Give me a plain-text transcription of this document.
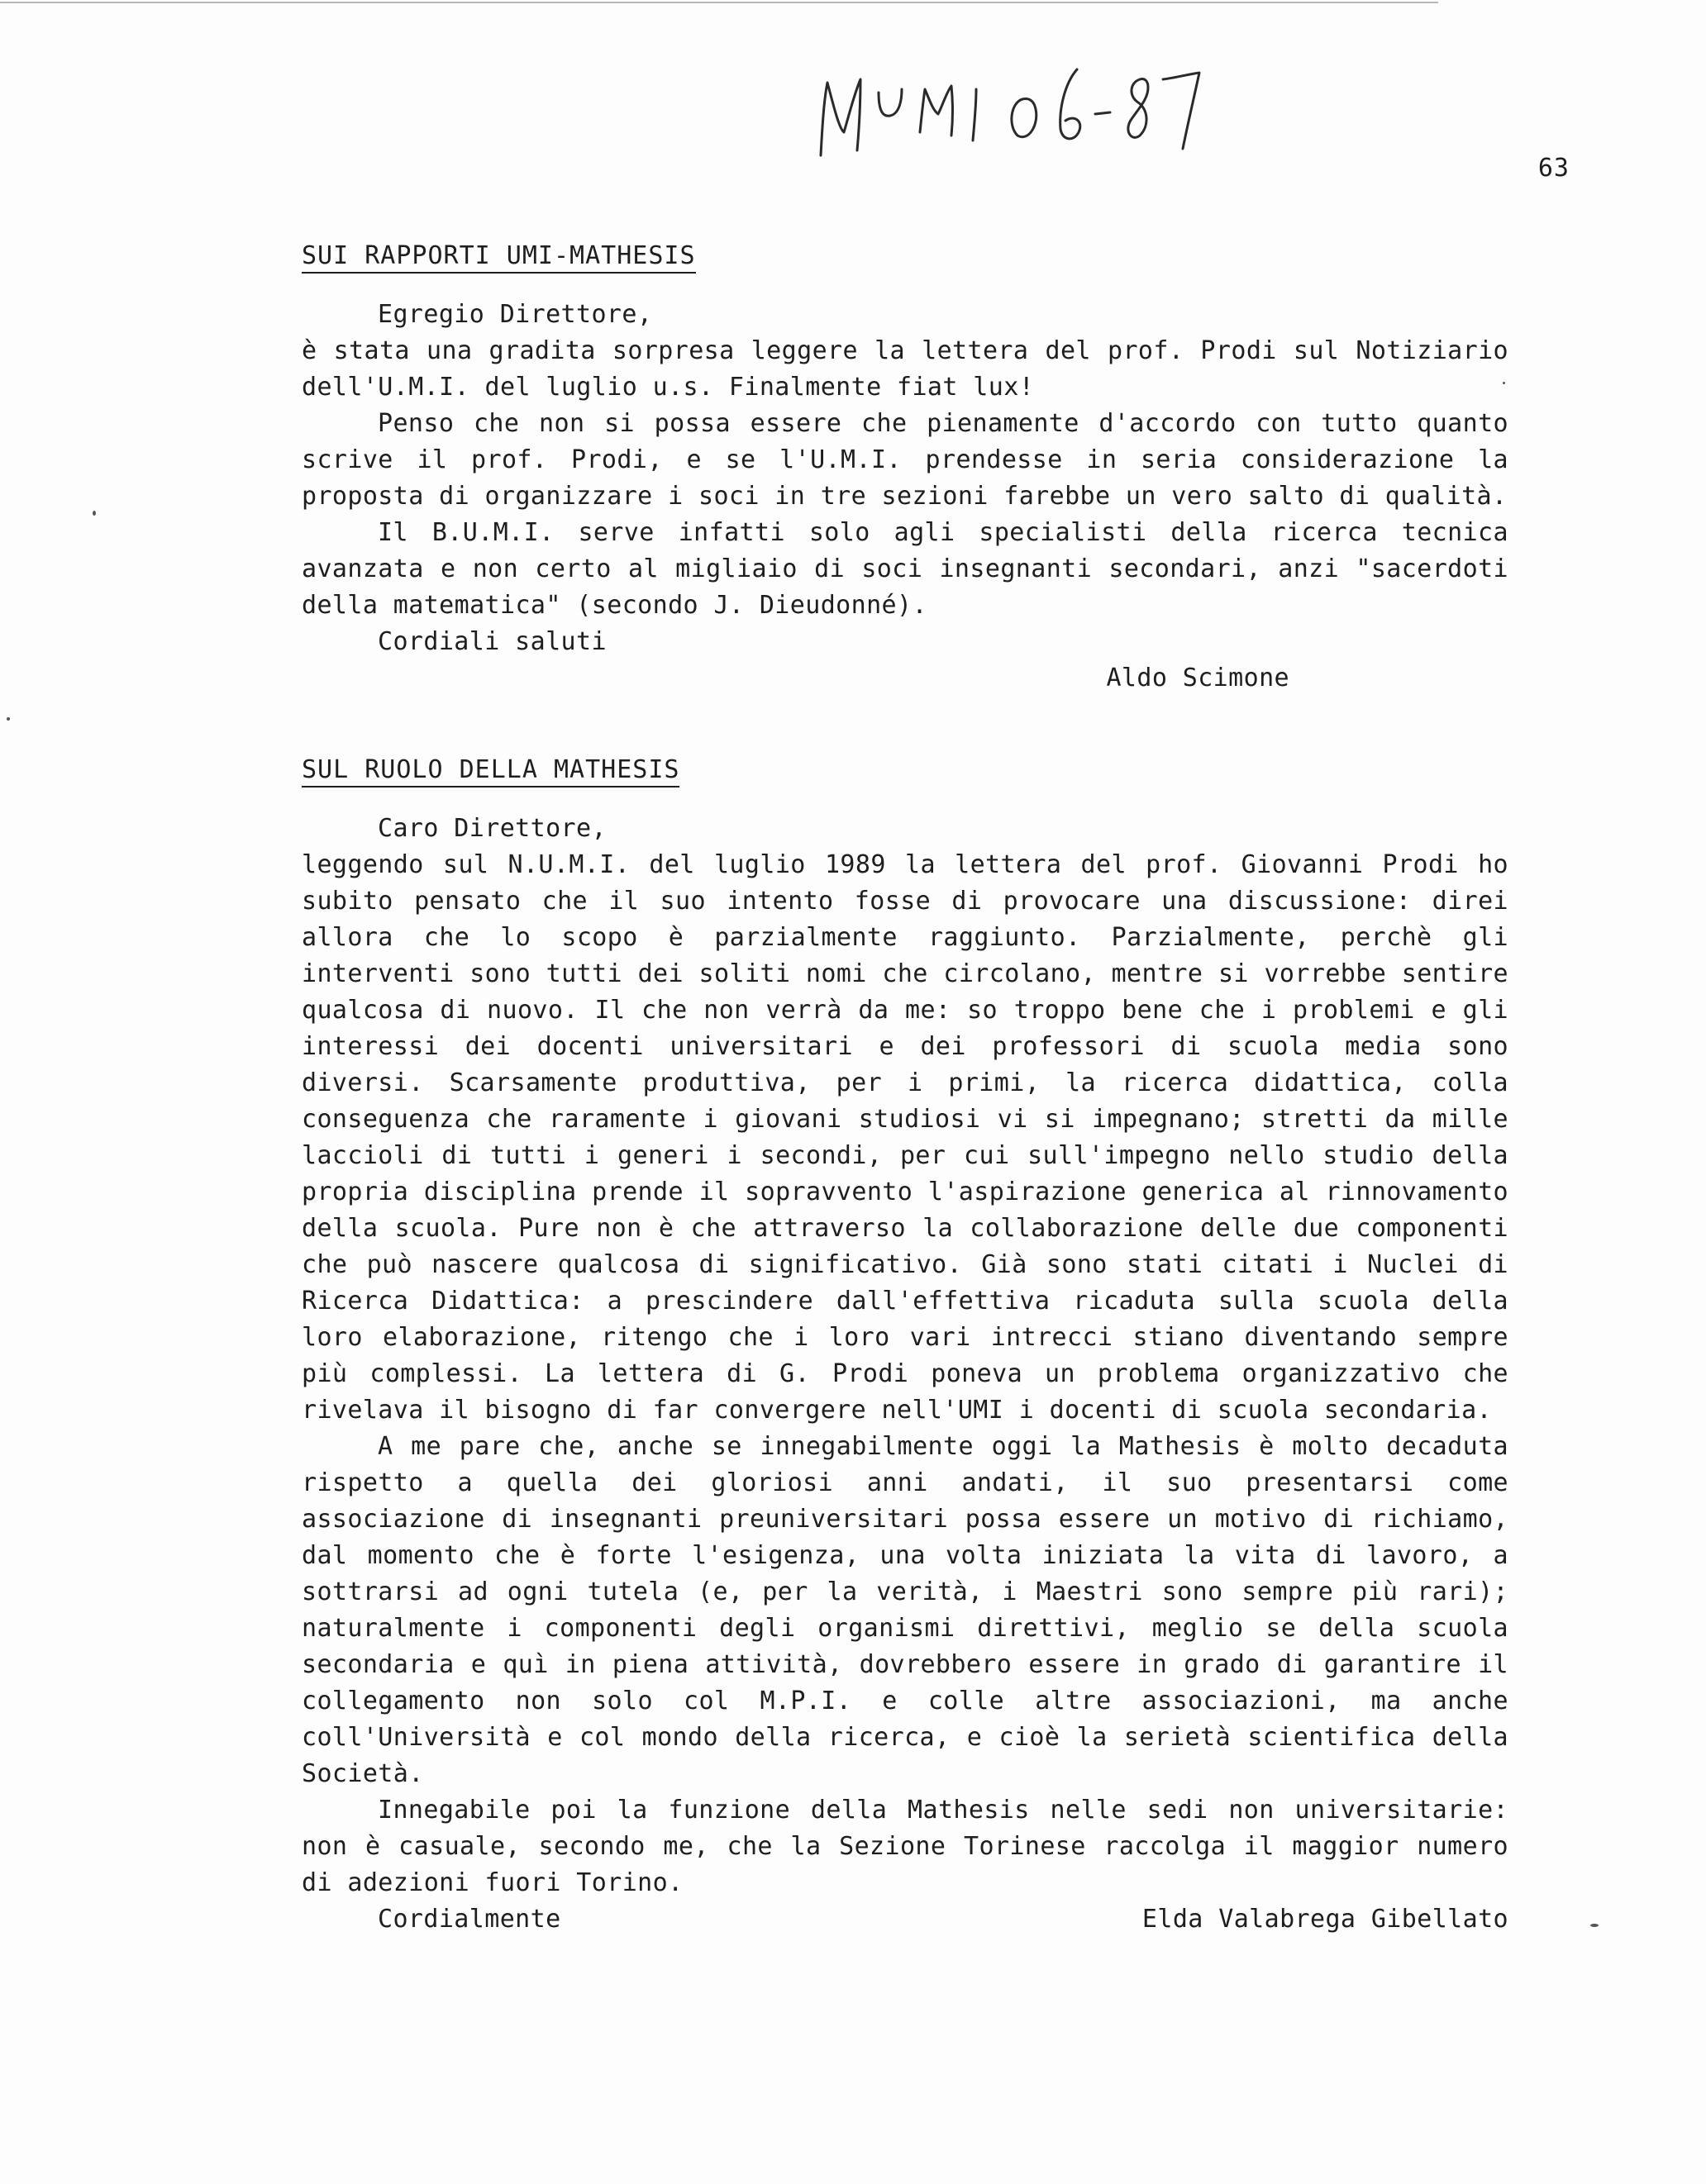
63
SUI RAPPORTI UMI-MATHESIS
Egregio Direttore,

è stata una gradita sorpresa leggere la lettera del prof. Prodi sul Notiziario dell'U.M.I. del luglio u.s. Finalmente fiat lux!

Penso che non si possa essere che pienamente d'accordo con tutto quanto scrive il prof. Prodi, e se l'U.M.I. prendesse in seria considerazione la proposta di organizzare i soci in tre sezioni farebbe un vero salto di qualità.

Il B.U.M.I. serve infatti solo agli specialisti della ricerca tecnica avanzata e non certo al migliaio di soci insegnanti secondari, anzi "sacerdoti della matematica" (secondo J. Dieudonné).

Cordiali saluti
Aldo Scimone
SUL RUOLO DELLA MATHESIS
Caro Direttore,

leggendo sul N.U.M.I. del luglio 1989 la lettera del prof. Giovanni Prodi ho subito pensato che il suo intento fosse di provocare una discussione: direi allora che lo scopo è parzialmente raggiunto. Parzialmente, perchè gli interventi sono tutti dei soliti nomi che circolano, mentre si vorrebbe sentire qualcosa di nuovo. Il che non verrà da me: so troppo bene che i problemi e gli interessi dei docenti universitari e dei professori di scuola media sono diversi. Scarsamente produttiva, per i primi, la ricerca didattica, colla conseguenza che raramente i giovani studiosi vi si impegnano; stretti da mille laccioli di tutti i generi i secondi, per cui sull'impegno nello studio della propria disciplina prende il sopravvento l'aspirazione generica al rinnovamento della scuola. Pure non è che attraverso la collaborazione delle due componenti che può nascere qualcosa di significativo. Già sono stati citati i Nuclei di Ricerca Didattica: a prescindere dall'effettiva ricaduta sulla scuola della loro elaborazione, ritengo che i loro vari intrecci stiano diventando sempre più complessi. La lettera di G. Prodi poneva un problema organizzativo che rivelava il bisogno di far convergere nell'UMI i docenti di scuola secondaria.

A me pare che, anche se innegabilmente oggi la Mathesis è molto decaduta rispetto a quella dei gloriosi anni andati, il suo presentarsi come associazione di insegnanti preuniversitari possa essere un motivo di richiamo, dal momento che è forte l'esigenza, una volta iniziata la vita di lavoro, a sottrarsi ad ogni tutela (e, per la verità, i Maestri sono sempre più rari); naturalmente i componenti degli organismi direttivi, meglio se della scuola secondaria e quì in piena attività, dovrebbero essere in grado di garantire il collegamento non solo col M.P.I. e colle altre associazioni, ma anche coll'Università e col mondo della ricerca, e cioè la serietà scientifica della Società.

Innegabile poi la funzione della Mathesis nelle sedi non universitarie: non è casuale, secondo me, che la Sezione Torinese raccolga il maggior numero di adezioni fuori Torino.

Cordialmente	Elda Valabrega Gibellato
